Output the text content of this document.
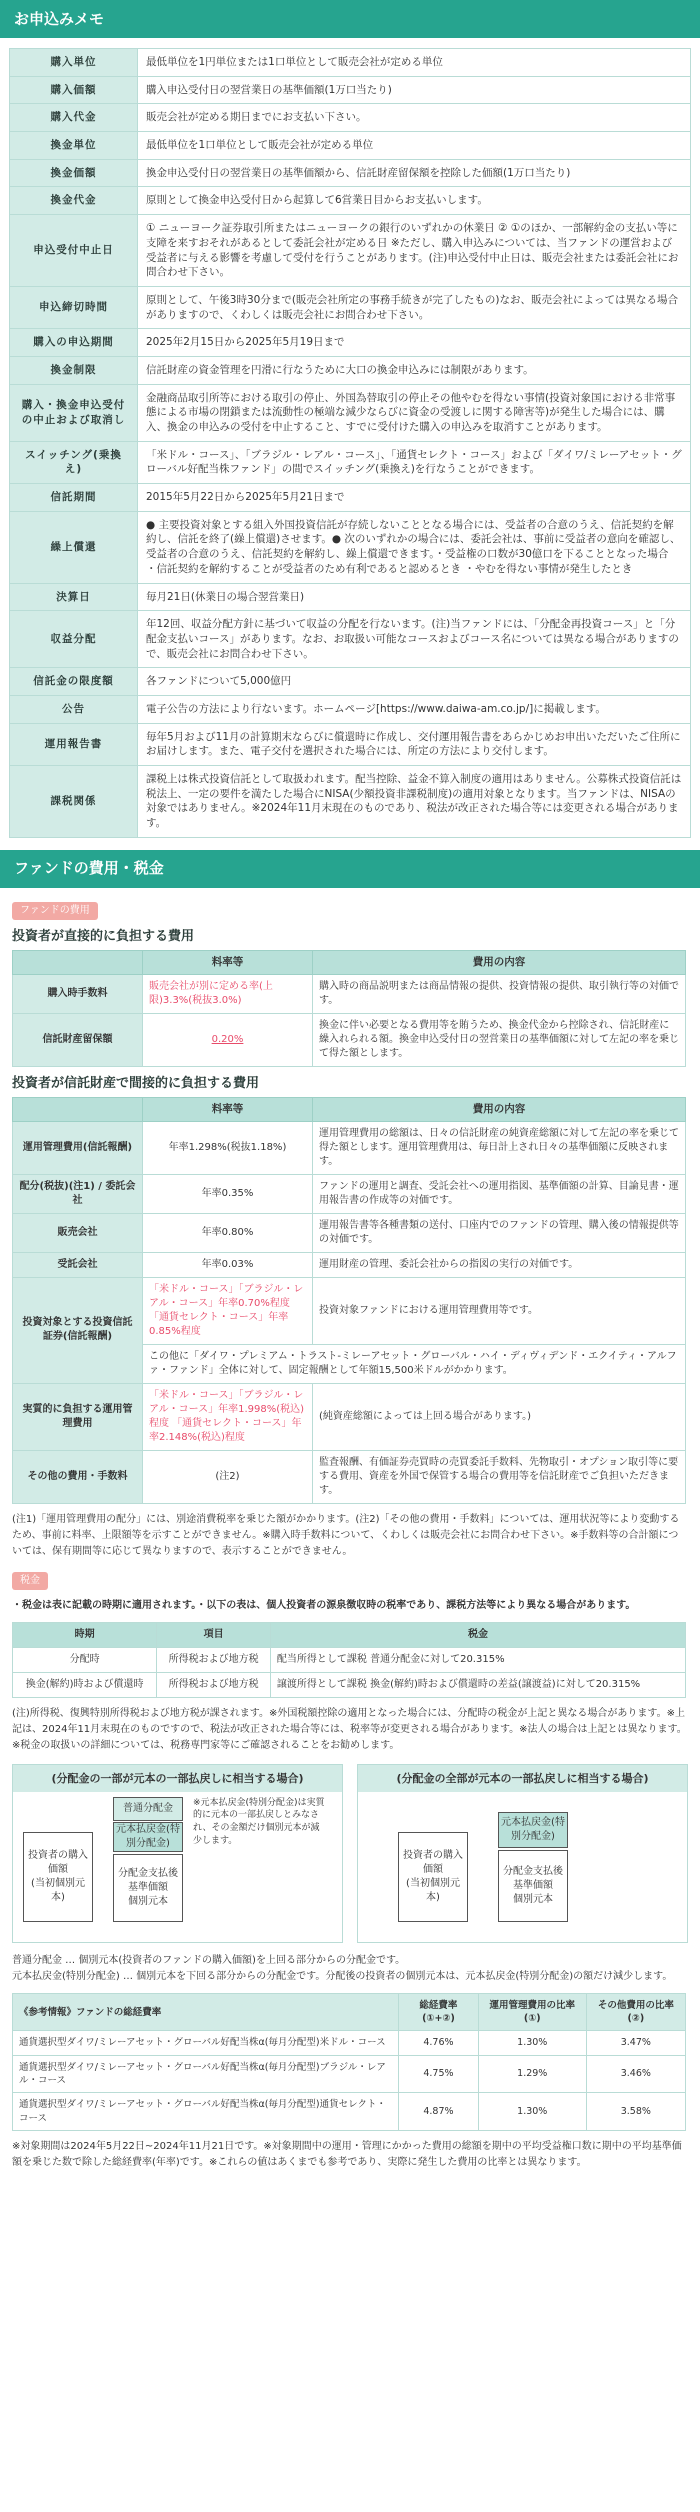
お申込みメモ
購入単位	最低単位を1円単位または1口単位として販売会社が定める単位
購入価額	購入申込受付日の翌営業日の基準価額(1万口当たり)
購入代金	販売会社が定める期日までにお支払い下さい。
換金単位	最低単位を1口単位として販売会社が定める単位
換金価額	換金申込受付日の翌営業日の基準価額から、信託財産留保額を控除した価額(1万口当たり)
換金代金	原則として換金申込受付日から起算して6営業日目からお支払いします。
申込受付中止日	① ニューヨーク証券取引所またはニューヨークの銀行のいずれかの休業日 ② ①のほか、一部解約金の支払い等に支障を来すおそれがあるとして委託会社が定める日 ※ただし、購入申込みについては、当ファンドの運営および受益者に与える影響を考慮して受付を行うことがあります。(注)申込受付中止日は、販売会社または委託会社にお問合わせ下さい。
申込締切時間	原則として、午後3時30分まで(販売会社所定の事務手続きが完了したもの)なお、販売会社によっては異なる場合がありますので、くわしくは販売会社にお問合わせ下さい。
購入の申込期間	2025年2月15日から2025年5月19日まで
換金制限	信託財産の資金管理を円滑に行なうために大口の換金申込みには制限があります。
購入・換金申込受付の中止および取消し	金融商品取引所等における取引の停止、外国為替取引の停止その他やむを得ない事情(投資対象国における非常事態による市場の閉鎖または流動性の極端な減少ならびに資金の受渡しに関する障害等)が発生した場合には、購入、換金の申込みの受付を中止すること、すでに受付けた購入の申込みを取消すことがあります。
スイッチング(乗換え)	「米ドル・コース」、「ブラジル・レアル・コース」、「通貨セレクト・コース」および「ダイワ/ミレーアセット・グローバル好配当株ファンド」の間でスイッチング(乗換え)を行なうことができます。
信託期間	2015年5月22日から2025年5月21日まで
繰上償還	● 主要投資対象とする組入外国投資信託が存続しないこととなる場合には、受益者の合意のうえ、信託契約を解約し、信託を終了(繰上償還)させます。● 次のいずれかの場合には、委託会社は、事前に受益者の意向を確認し、受益者の合意のうえ、信託契約を解約し、繰上償還できます。・受益権の口数が30億口を下ることとなった場合 ・信託契約を解約することが受益者のため有利であると認めるとき ・やむを得ない事情が発生したとき
決算日	毎月21日(休業日の場合翌営業日)
収益分配	年12回、収益分配方針に基づいて収益の分配を行ないます。(注)当ファンドには、「分配金再投資コース」と「分配金支払いコース」があります。なお、お取扱い可能なコースおよびコース名については異なる場合がありますので、販売会社にお問合わせ下さい。
信託金の限度額	各ファンドについて5,000億円
公告	電子公告の方法により行ないます。ホームページ[https://www.daiwa-am.co.jp/]に掲載します。
運用報告書	毎年5月および11月の計算期末ならびに償還時に作成し、交付運用報告書をあらかじめお申出いただいたご住所にお届けします。また、電子交付を選択された場合には、所定の方法により交付します。
課税関係	課税上は株式投資信託として取扱われます。配当控除、益金不算入制度の適用はありません。公募株式投資信託は税法上、一定の要件を満たした場合にNISA(少額投資非課税制度)の適用対象となります。当ファンドは、NISAの対象ではありません。※2024年11月末現在のものであり、税法が改正された場合等には変更される場合があります。
ファンドの費用・税金
ファンドの費用
投資者が直接的に負担する費用
	料率等	費用の内容
購入時手数料	販売会社が別に定める率(上限)3.3%(税抜3.0%)	購入時の商品説明または商品情報の提供、投資情報の提供、取引執行等の対価です。
信託財産留保額	0.20%	換金に伴い必要となる費用等を賄うため、換金代金から控除され、信託財産に繰入れられる額。換金申込受付日の翌営業日の基準価額に対して左記の率を乗じて得た額とします。
投資者が信託財産で間接的に負担する費用
	料率等	費用の内容
運用管理費用(信託報酬)	年率1.298%(税抜1.18%)	運用管理費用の総額は、日々の信託財産の純資産総額に対して左記の率を乗じて得た額とします。運用管理費用は、毎日計上され日々の基準価額に反映されます。
配分(税抜)(注1) / 委託会社	年率0.35%	ファンドの運用と調査、受託会社への運用指図、基準価額の計算、目論見書・運用報告書の作成等の対価です。
販売会社	年率0.80%	運用報告書等各種書類の送付、口座内でのファンドの管理、購入後の情報提供等の対価です。
受託会社	年率0.03%	運用財産の管理、委託会社からの指図の実行の対価です。
投資対象とする投資信託証券(信託報酬)	「米ドル・コース」「ブラジル・レアル・コース」年率0.70%程度 「通貨セレクト・コース」年率0.85%程度	投資対象ファンドにおける運用管理費用等です。
	この他に「ダイワ・プレミアム・トラスト-ミレーアセット・グローバル・ハイ・ディヴィデンド・エクイティ・アルファ・ファンド」全体に対して、固定報酬として年額15,500米ドルがかかります。	
実質的に負担する運用管理費用	「米ドル・コース」「ブラジル・レアル・コース」年率1.998%(税込)程度 「通貨セレクト・コース」年率2.148%(税込)程度	(純資産総額によっては上回る場合があります。)
その他の費用・手数料	(注2)	監査報酬、有価証券売買時の売買委託手数料、先物取引・オプション取引等に要する費用、資産を外国で保管する場合の費用等を信託財産でご負担いただきます。
(注1)「運用管理費用の配分」には、別途消費税率を乗じた額がかかります。(注2)「その他の費用・手数料」については、運用状況等により変動するため、事前に料率、上限額等を示すことができません。※購入時手数料について、くわしくは販売会社にお問合わせ下さい。※手数料等の合計額については、保有期間等に応じて異なりますので、表示することができません。
税金
・税金は表に記載の時期に適用されます。・以下の表は、個人投資者の源泉徴収時の税率であり、課税方法等により異なる場合があります。
時期	項目	税金
分配時	所得税および地方税	配当所得として課税 普通分配金に対して20.315%
換金(解約)時および償還時	所得税および地方税	譲渡所得として課税 換金(解約)時および償還時の差益(譲渡益)に対して20.315%
(注)所得税、復興特別所得税および地方税が課されます。※外国税額控除の適用となった場合には、分配時の税金が上記と異なる場合があります。※上記は、2024年11月末現在のものですので、税法が改正された場合等には、税率等が変更される場合があります。※法人の場合は上記とは異なります。※税金の取扱いの詳細については、税務専門家等にご確認されることをお勧めします。
(分配金の一部が元本の一部払戻しに相当する場合)
投資者の購入価額
(当初個別元本)
普通分配金
元本払戻金(特別分配金)
分配金支払後
基準価額
個別元本
※元本払戻金(特別分配金)は実質的に元本の一部払戻しとみなされ、その金額だけ個別元本が減少します。
(分配金の全部が元本の一部払戻しに相当する場合)
投資者の購入価額
(当初個別元本)
元本払戻金(特別分配金)
分配金支払後
基準価額
個別元本
普通分配金 … 個別元本(投資者のファンドの購入価額)を上回る部分からの分配金です。
元本払戻金(特別分配金) … 個別元本を下回る部分からの分配金です。分配後の投資者の個別元本は、元本払戻金(特別分配金)の額だけ減少します。
《参考情報》ファンドの総経費率	総経費率(①+②)	運用管理費用の比率(①)	その他費用の比率(②)
通貨選択型ダイワ/ミレーアセット・グローバル好配当株α(毎月分配型)米ドル・コース	4.76%	1.30%	3.47%
通貨選択型ダイワ/ミレーアセット・グローバル好配当株α(毎月分配型)ブラジル・レアル・コース	4.75%	1.29%	3.46%
通貨選択型ダイワ/ミレーアセット・グローバル好配当株α(毎月分配型)通貨セレクト・コース	4.87%	1.30%	3.58%
※対象期間は2024年5月22日~2024年11月21日です。※対象期間中の運用・管理にかかった費用の総額を期中の平均受益権口数に期中の平均基準価額を乗じた数で除した総経費率(年率)です。※これらの値はあくまでも参考であり、実際に発生した費用の比率とは異なります。
